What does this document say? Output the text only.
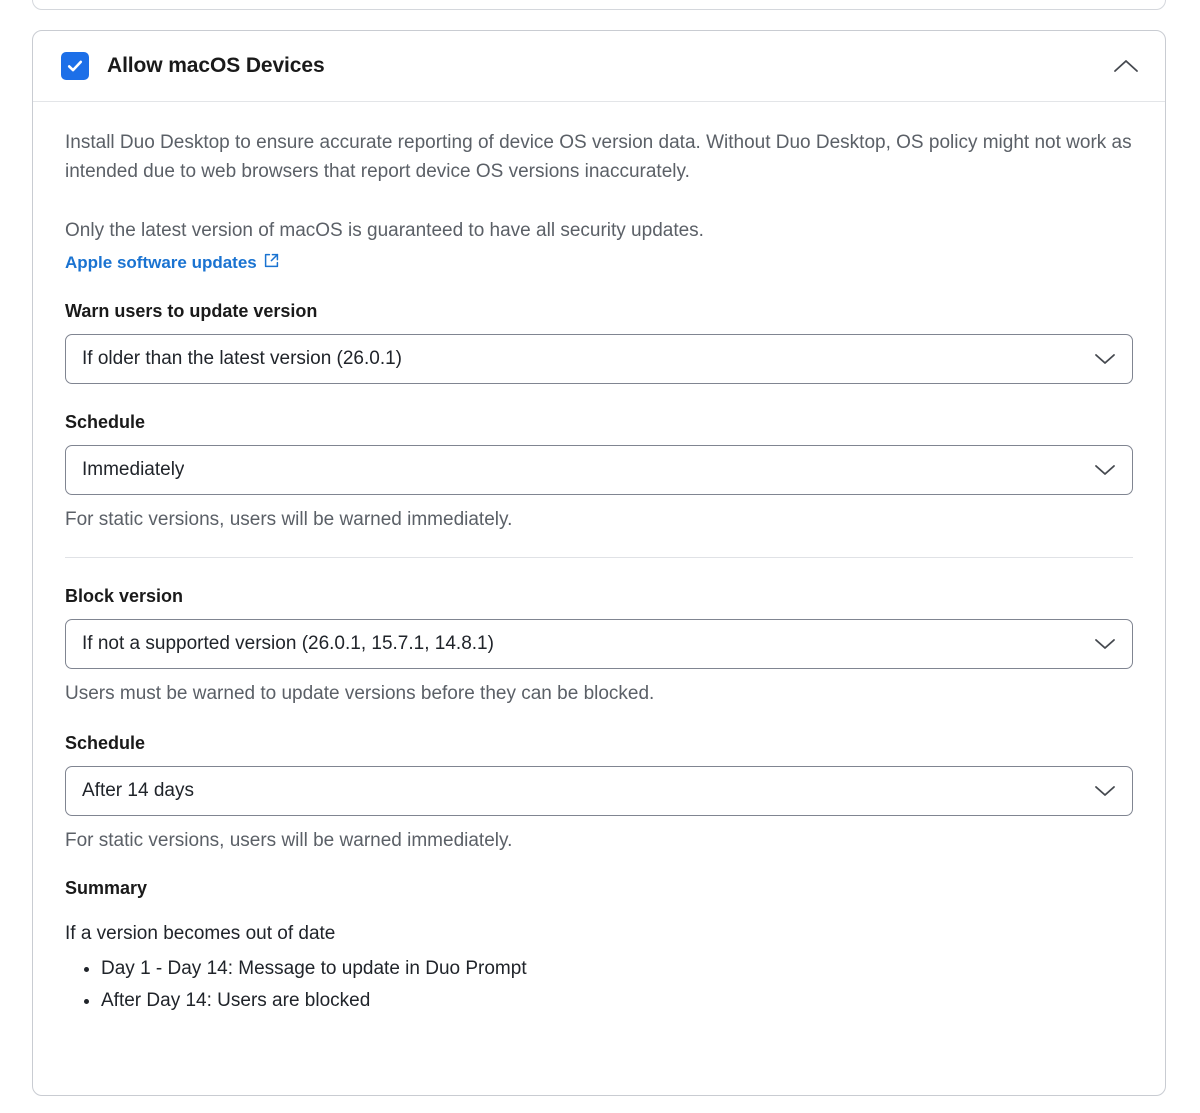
Allow macOS Devices

Install Duo Desktop to ensure accurate reporting of device OS version data. Without Duo Desktop, OS policy might not work as intended due to web browsers that report device OS versions inaccurately.

Only the latest version of macOS is guaranteed to have all security updates.

Apple software updates
Warn users to update version
If older than the latest version (26.0.1)
Schedule
Immediately
For static versions, users will be warned immediately.
Block version
If not a supported version (26.0.1, 15.7.1, 14.8.1)
Users must be warned to update versions before they can be blocked.
Schedule
After 14 days
For static versions, users will be warned immediately.
Summary
If a version becomes out of date
• Day 1 - Day 14: Message to update in Duo Prompt
• After Day 14: Users are blocked
